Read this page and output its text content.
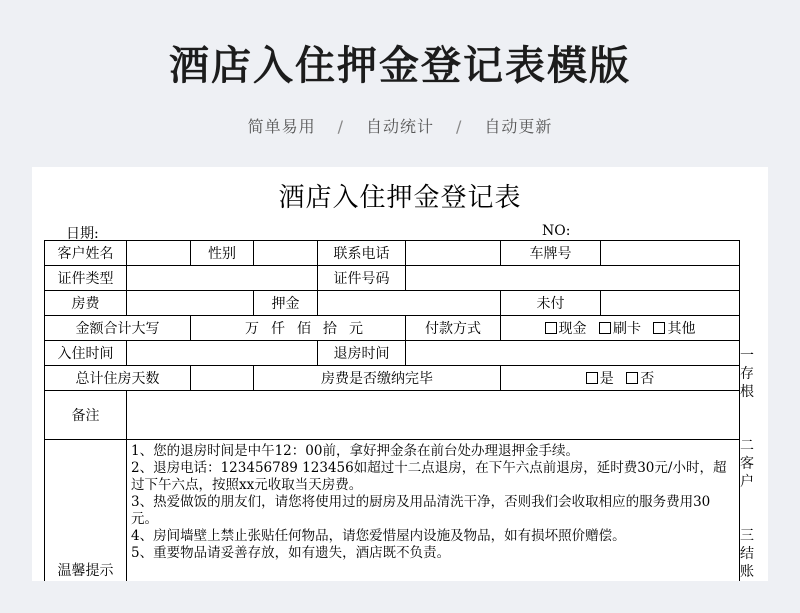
酒店入住押金登记表模版
简单易用 / 自动统计 / 自动更新
酒店入住押金登记表
日期:	NO:
客户姓名		性别		联系电话		车牌号	
证件类型				证件号码			
房费			押金			未付	
金额合计大写		万 仟 佰 拾 元			付款方式	现金 刷卡 其他	
入住时间				退房时间			
总计住房天数			房费是否缴纳完毕			是 否	
备注							
温馨提示	1、您的退房时间是中午12：00前，拿好押金条在前台处办理退押金手续。
2、退房电话：123456789 123456如超过十二点退房，在下午六点前退房，延时费30元/小时，超过下午六点，按照xx元收取当天房费。
3、热爱做饭的朋友们，请您将使用过的厨房及用品清洗干净，否则我们会收取相应的服务费用30元。
4、房间墙壁上禁止张贴任何物品，请您爱惜屋内设施及物品，如有损坏照价赠偿。
5、重要物品请妥善存放，如有遗失，酒店既不负责。						
一
存
根
二
客
户
三
结
账
